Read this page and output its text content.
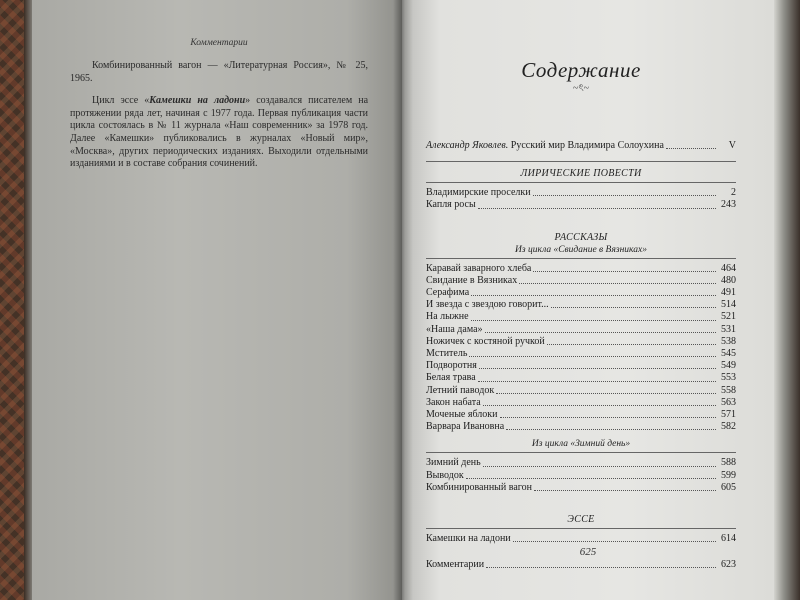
Комментарии

Комбинированный вагон — «Литературная Россия», № 25, 1965.

Цикл эссе «Камешки на ладони» создавался писателем на протяжении ряда лет, начиная с 1977 года. Первая публикация части цикла состоялась в № 11 журнала «Наш современник» за 1978 год. Далее «Камешки» публиковались в журналах «Новый мир», «Москва», других периодических изданиях. Выходили отдельными изданиями и в составе собрания сочинений.

Содержание
~ৎ~
Александр Яковлев. Русский мир Владимира Солоухина	V
ЛИРИЧЕСКИЕ ПОВЕСТИ
Владимирские проселки	2
Капля росы	243
РАССКАЗЫ
Из цикла «Свидание в Вязниках»
Каравай заварного хлеба	464
Свидание в Вязниках	480
Серафима	491
И звезда с звездою говорит...	514
На лыжне	521
«Наша дама»	531
Ножичек с костяной ручкой	538
Мститель	545
Подворотня	549
Белая трава	553
Летний паводок	558
Закон набата	563
Моченые яблоки	571
Варвара Ивановна	582
Из цикла «Зимний день»
Зимний день	588
Выводок	599
Комбинированный вагон	605
ЭССЕ
Камешки на ладони	614
Комментарии	623
625
